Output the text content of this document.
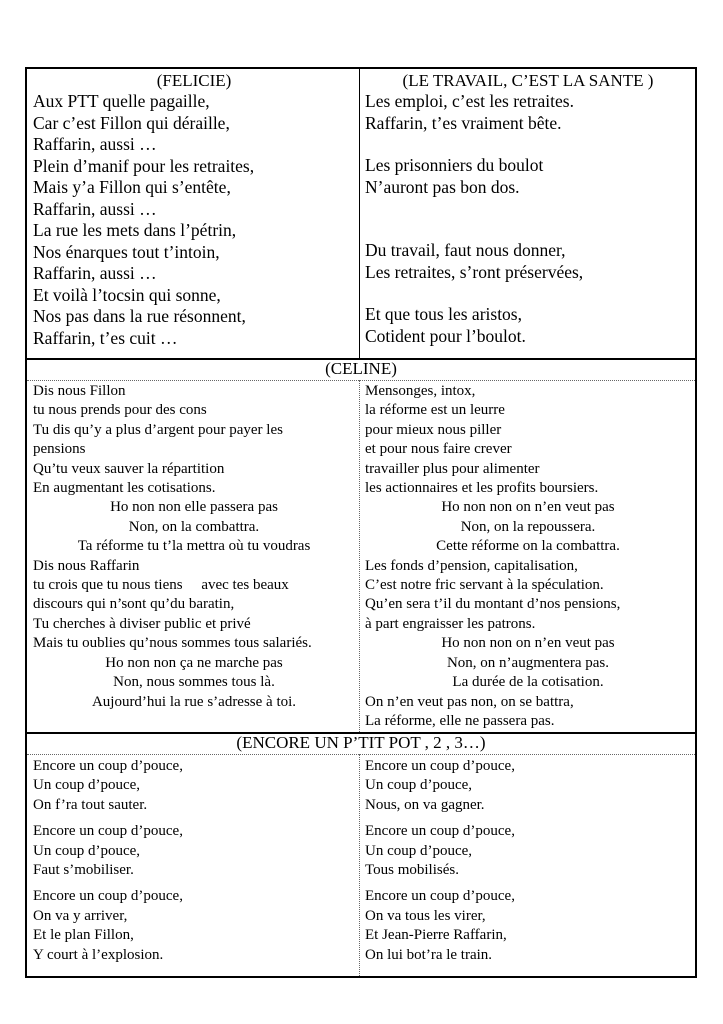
(FELICIE)
Aux PTT quelle pagaille,
Car c’est Fillon qui déraille,
Raffarin, aussi …
Plein d’manif pour les retraites,
Mais y’a Fillon qui s’entête,
Raffarin, aussi …
La rue les mets dans l’pétrin,
Nos énarques tout t’intoin,
Raffarin, aussi …
Et voilà l’tocsin qui sonne,
Nos pas dans la rue résonnent,
Raffarin, t’es cuit …
(LE TRAVAIL, C’EST LA SANTE )
Les emploi, c’est les retraites.
Raffarin, t’es vraiment bête.
Les prisonniers du boulot
N’auront pas bon dos.
Du travail, faut nous donner,
Les retraites, s’ront préservées,
Et que tous les aristos,
Cotident pour l’boulot.
(CELINE)
Dis nous Fillon
tu nous prends pour des cons
Tu dis qu’y a plus d’argent pour payer les
pensions
Qu’tu veux sauver la répartition
En augmentant les cotisations.
Ho non non elle passera pas
Non, on la combattra.
Ta réforme tu t’la mettra où tu voudras
Dis nous Raffarin
tu crois que tu nous tiens     avec tes beaux
discours qui n’sont qu’du baratin,
Tu cherches à diviser public et privé
Mais tu oublies qu’nous sommes tous salariés.
Ho non non ça ne marche pas
Non, nous sommes tous là.
Aujourd’hui la rue s’adresse à toi.
Mensonges, intox,
la réforme est un leurre
pour mieux nous piller
et pour nous faire crever
travailler plus pour alimenter
les actionnaires et les profits boursiers.
Ho non non on n’en veut pas
Non, on la repoussera.
Cette réforme on la combattra.
Les fonds d’pension, capitalisation,
C’est notre fric servant à la spéculation.
Qu’en sera t’il du montant d’nos pensions,
à part engraisser les patrons.
Ho non non on n’en veut pas
Non, on n’augmentera pas.
La durée de la cotisation.
On n’en veut pas non, on se battra,
La réforme, elle ne passera pas.
(ENCORE UN P’TIT POT , 2 , 3…)
Encore un coup d’pouce,
Un coup d’pouce,
On f’ra tout sauter.
Encore un coup d’pouce,
Un coup d’pouce,
Faut s’mobiliser.
Encore un coup d’pouce,
On va y arriver,
Et le plan Fillon,
Y court à l’explosion.
Encore un coup d’pouce,
Un coup d’pouce,
Nous, on va gagner.
Encore un coup d’pouce,
Un coup d’pouce,
Tous mobilisés.
Encore un coup d’pouce,
On va tous les virer,
Et Jean-Pierre Raffarin,
On lui bot’ra le train.
